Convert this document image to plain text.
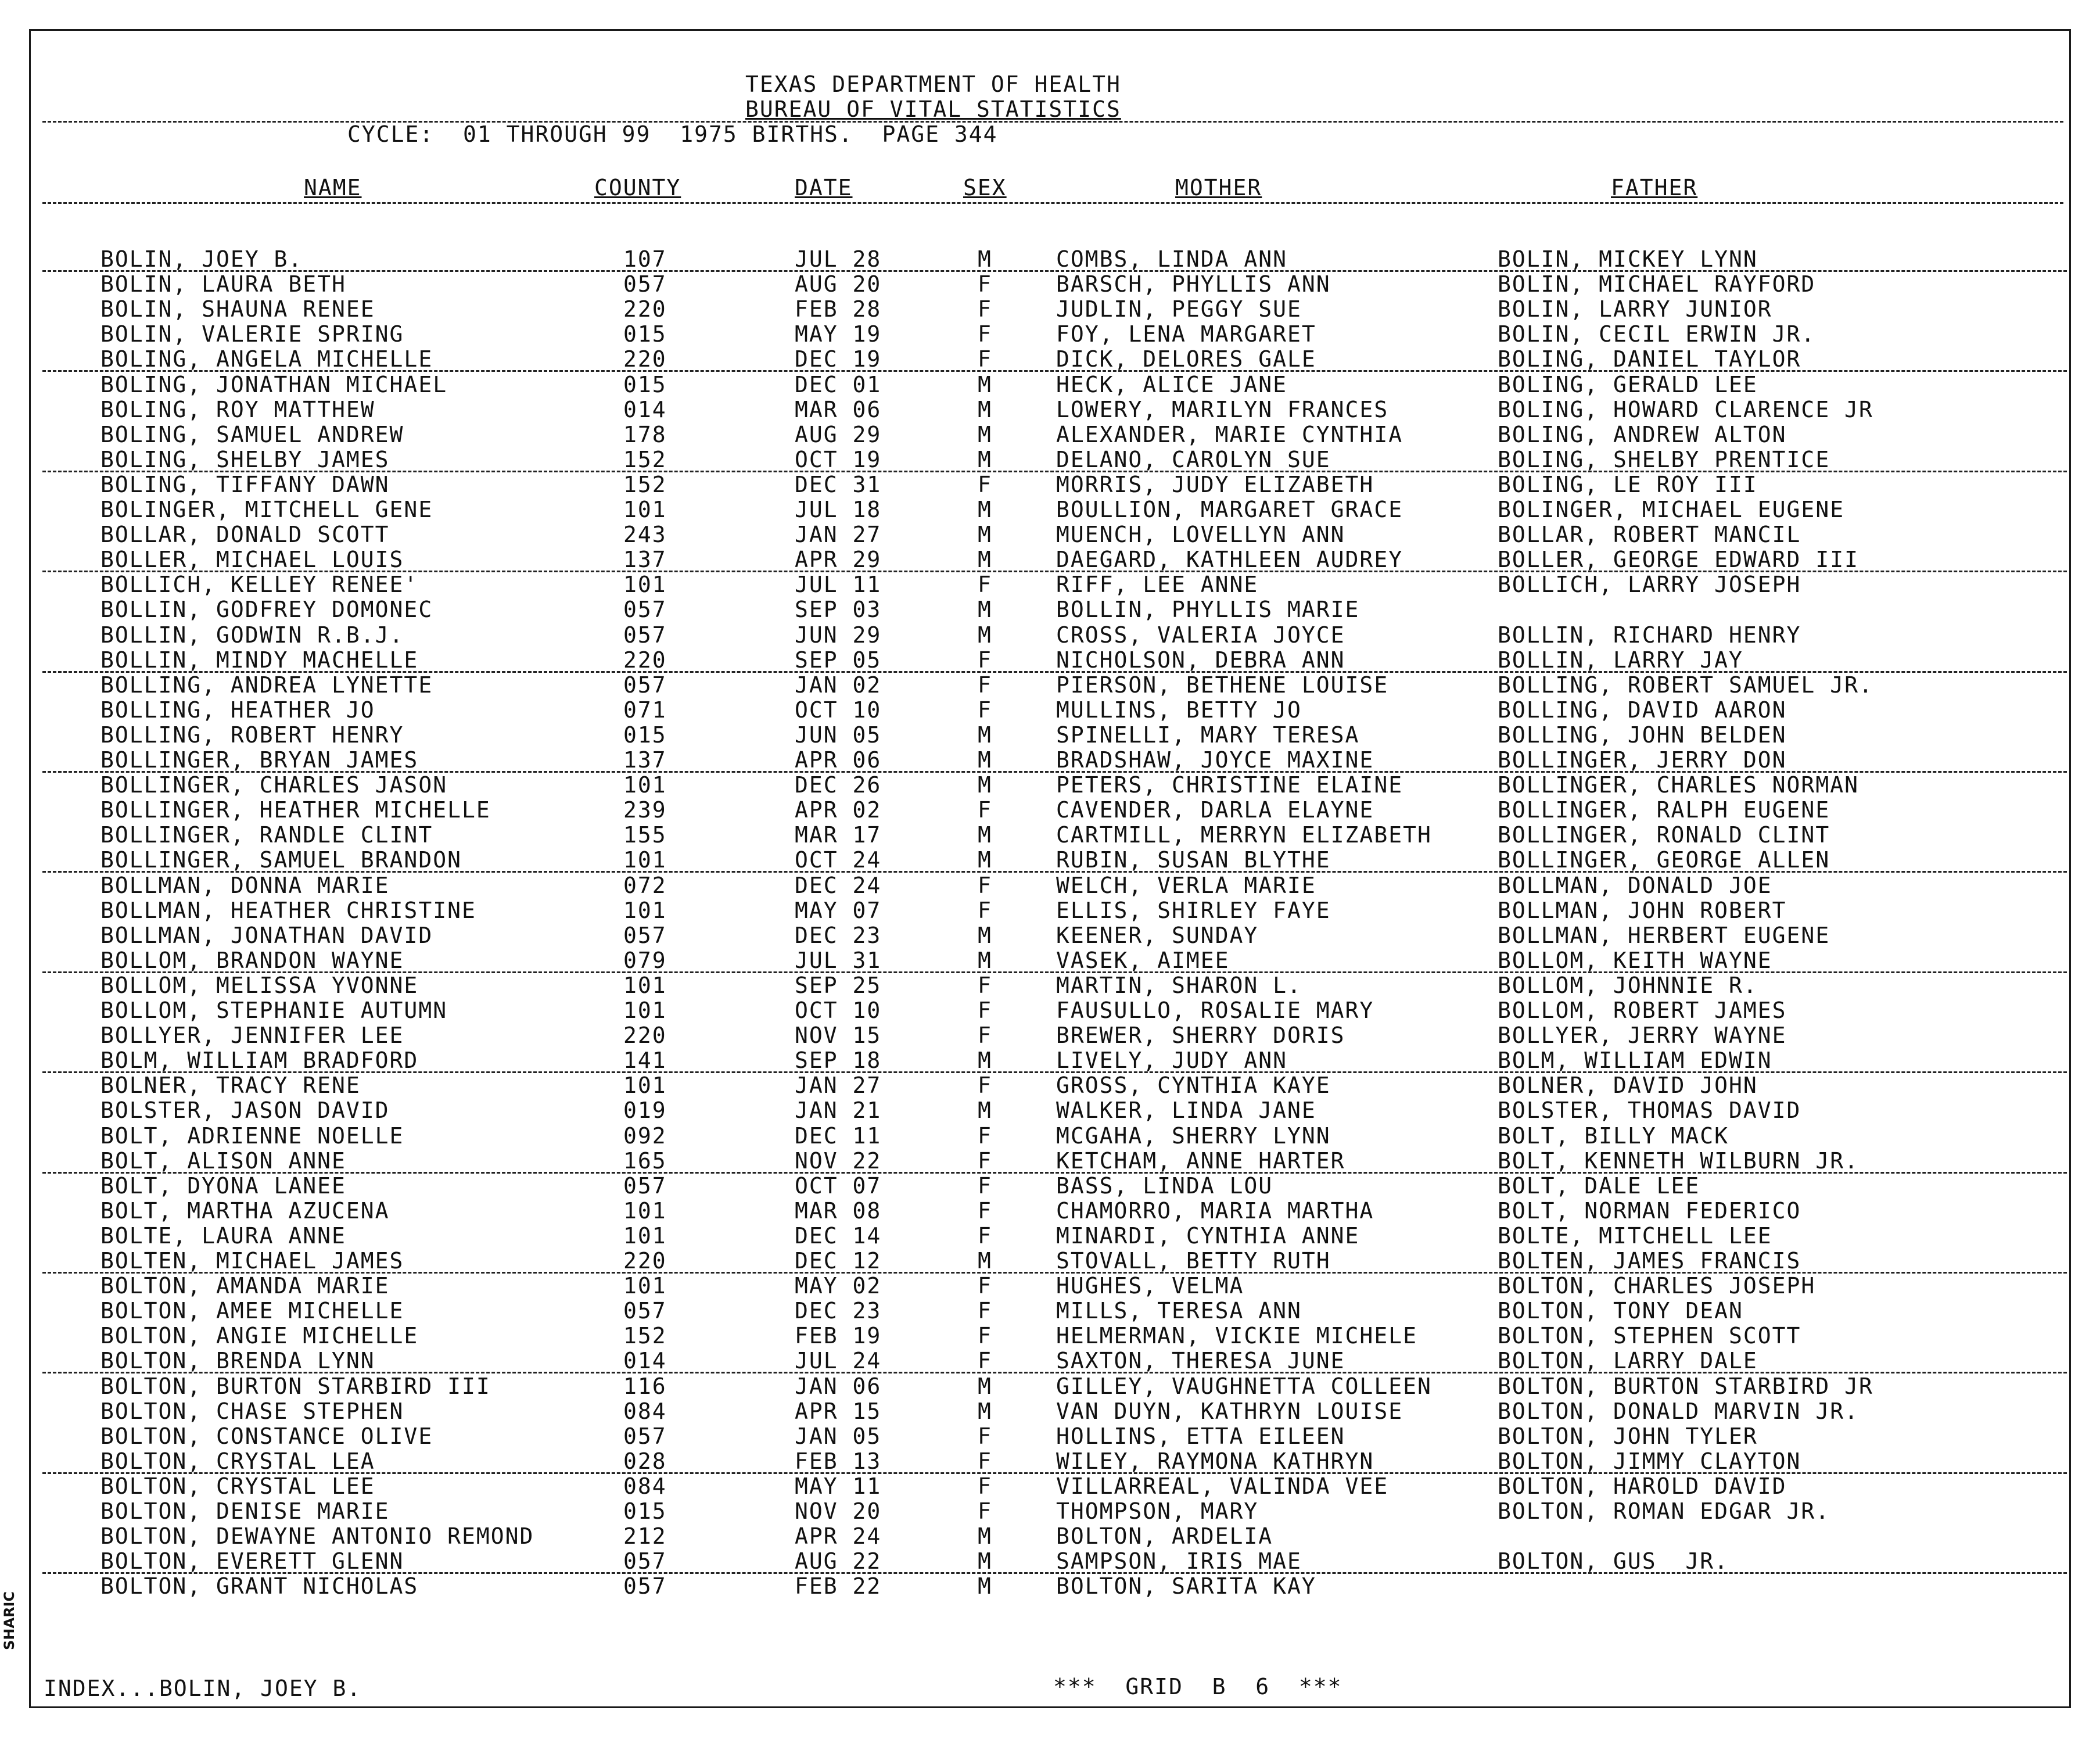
SHARIC
TEXAS DEPARTMENT OF HEALTH
BUREAU OF VITAL STATISTICS
CYCLE:  01 THROUGH 99  1975 BIRTHS.  PAGE 344
NAME	COUNTY	DATE	SEX	MOTHER	FATHER
BOLIN, JOEY B.	107	JUL 28	M	COMBS, LINDA ANN	BOLIN, MICKEY LYNN
BOLIN, LAURA BETH	057	AUG 20	F	BARSCH, PHYLLIS ANN	BOLIN, MICHAEL RAYFORD
BOLIN, SHAUNA RENEE	220	FEB 28	F	JUDLIN, PEGGY SUE	BOLIN, LARRY JUNIOR
BOLIN, VALERIE SPRING	015	MAY 19	F	FOY, LENA MARGARET	BOLIN, CECIL ERWIN JR.
BOLING, ANGELA MICHELLE	220	DEC 19	F	DICK, DELORES GALE	BOLING, DANIEL TAYLOR
BOLING, JONATHAN MICHAEL	015	DEC 01	M	HECK, ALICE JANE	BOLING, GERALD LEE
BOLING, ROY MATTHEW	014	MAR 06	M	LOWERY, MARILYN FRANCES	BOLING, HOWARD CLARENCE JR
BOLING, SAMUEL ANDREW	178	AUG 29	M	ALEXANDER, MARIE CYNTHIA	BOLING, ANDREW ALTON
BOLING, SHELBY JAMES	152	OCT 19	M	DELANO, CAROLYN SUE	BOLING, SHELBY PRENTICE
BOLING, TIFFANY DAWN	152	DEC 31	F	MORRIS, JUDY ELIZABETH	BOLING, LE ROY III
BOLINGER, MITCHELL GENE	101	JUL 18	M	BOULLION, MARGARET GRACE	BOLINGER, MICHAEL EUGENE
BOLLAR, DONALD SCOTT	243	JAN 27	M	MUENCH, LOVELLYN ANN	BOLLAR, ROBERT MANCIL
BOLLER, MICHAEL LOUIS	137	APR 29	M	DAEGARD, KATHLEEN AUDREY	BOLLER, GEORGE EDWARD III
BOLLICH, KELLEY RENEE'	101	JUL 11	F	RIFF, LEE ANNE	BOLLICH, LARRY JOSEPH
BOLLIN, GODFREY DOMONEC	057	SEP 03	M	BOLLIN, PHYLLIS MARIE
BOLLIN, GODWIN R.B.J.	057	JUN 29	M	CROSS, VALERIA JOYCE	BOLLIN, RICHARD HENRY
BOLLIN, MINDY MACHELLE	220	SEP 05	F	NICHOLSON, DEBRA ANN	BOLLIN, LARRY JAY
BOLLING, ANDREA LYNETTE	057	JAN 02	F	PIERSON, BETHENE LOUISE	BOLLING, ROBERT SAMUEL JR.
BOLLING, HEATHER JO	071	OCT 10	F	MULLINS, BETTY JO	BOLLING, DAVID AARON
BOLLING, ROBERT HENRY	015	JUN 05	M	SPINELLI, MARY TERESA	BOLLING, JOHN BELDEN
BOLLINGER, BRYAN JAMES	137	APR 06	M	BRADSHAW, JOYCE MAXINE	BOLLINGER, JERRY DON
BOLLINGER, CHARLES JASON	101	DEC 26	M	PETERS, CHRISTINE ELAINE	BOLLINGER, CHARLES NORMAN
BOLLINGER, HEATHER MICHELLE	239	APR 02	F	CAVENDER, DARLA ELAYNE	BOLLINGER, RALPH EUGENE
BOLLINGER, RANDLE CLINT	155	MAR 17	M	CARTMILL, MERRYN ELIZABETH	BOLLINGER, RONALD CLINT
BOLLINGER, SAMUEL BRANDON	101	OCT 24	M	RUBIN, SUSAN BLYTHE	BOLLINGER, GEORGE ALLEN
BOLLMAN, DONNA MARIE	072	DEC 24	F	WELCH, VERLA MARIE	BOLLMAN, DONALD JOE
BOLLMAN, HEATHER CHRISTINE	101	MAY 07	F	ELLIS, SHIRLEY FAYE	BOLLMAN, JOHN ROBERT
BOLLMAN, JONATHAN DAVID	057	DEC 23	M	KEENER, SUNDAY	BOLLMAN, HERBERT EUGENE
BOLLOM, BRANDON WAYNE	079	JUL 31	M	VASEK, AIMEE	BOLLOM, KEITH WAYNE
BOLLOM, MELISSA YVONNE	101	SEP 25	F	MARTIN, SHARON L.	BOLLOM, JOHNNIE R.
BOLLOM, STEPHANIE AUTUMN	101	OCT 10	F	FAUSULLO, ROSALIE MARY	BOLLOM, ROBERT JAMES
BOLLYER, JENNIFER LEE	220	NOV 15	F	BREWER, SHERRY DORIS	BOLLYER, JERRY WAYNE
BOLM, WILLIAM BRADFORD	141	SEP 18	M	LIVELY, JUDY ANN	BOLM, WILLIAM EDWIN
BOLNER, TRACY RENE	101	JAN 27	F	GROSS, CYNTHIA KAYE	BOLNER, DAVID JOHN
BOLSTER, JASON DAVID	019	JAN 21	M	WALKER, LINDA JANE	BOLSTER, THOMAS DAVID
BOLT, ADRIENNE NOELLE	092	DEC 11	F	MCGAHA, SHERRY LYNN	BOLT, BILLY MACK
BOLT, ALISON ANNE	165	NOV 22	F	KETCHAM, ANNE HARTER	BOLT, KENNETH WILBURN JR.
BOLT, DYONA LANEE	057	OCT 07	F	BASS, LINDA LOU	BOLT, DALE LEE
BOLT, MARTHA AZUCENA	101	MAR 08	F	CHAMORRO, MARIA MARTHA	BOLT, NORMAN FEDERICO
BOLTE, LAURA ANNE	101	DEC 14	F	MINARDI, CYNTHIA ANNE	BOLTE, MITCHELL LEE
BOLTEN, MICHAEL JAMES	220	DEC 12	M	STOVALL, BETTY RUTH	BOLTEN, JAMES FRANCIS
BOLTON, AMANDA MARIE	101	MAY 02	F	HUGHES, VELMA	BOLTON, CHARLES JOSEPH
BOLTON, AMEE MICHELLE	057	DEC 23	F	MILLS, TERESA ANN	BOLTON, TONY DEAN
BOLTON, ANGIE MICHELLE	152	FEB 19	F	HELMERMAN, VICKIE MICHELE	BOLTON, STEPHEN SCOTT
BOLTON, BRENDA LYNN	014	JUL 24	F	SAXTON, THERESA JUNE	BOLTON, LARRY DALE
BOLTON, BURTON STARBIRD III	116	JAN 06	M	GILLEY, VAUGHNETTA COLLEEN	BOLTON, BURTON STARBIRD JR
BOLTON, CHASE STEPHEN	084	APR 15	M	VAN DUYN, KATHRYN LOUISE	BOLTON, DONALD MARVIN JR.
BOLTON, CONSTANCE OLIVE	057	JAN 05	F	HOLLINS, ETTA EILEEN	BOLTON, JOHN TYLER
BOLTON, CRYSTAL LEA	028	FEB 13	F	WILEY, RAYMONA KATHRYN	BOLTON, JIMMY CLAYTON
BOLTON, CRYSTAL LEE	084	MAY 11	F	VILLARREAL, VALINDA VEE	BOLTON, HAROLD DAVID
BOLTON, DENISE MARIE	015	NOV 20	F	THOMPSON, MARY	BOLTON, ROMAN EDGAR JR.
BOLTON, DEWAYNE ANTONIO REMOND	212	APR 24	M	BOLTON, ARDELIA
BOLTON, EVERETT GLENN	057	AUG 22	M	SAMPSON, IRIS MAE	BOLTON, GUS  JR.
BOLTON, GRANT NICHOLAS	057	FEB 22	M	BOLTON, SARITA KAY
INDEX...BOLIN, JOEY B.	***  GRID  B  6  ***
